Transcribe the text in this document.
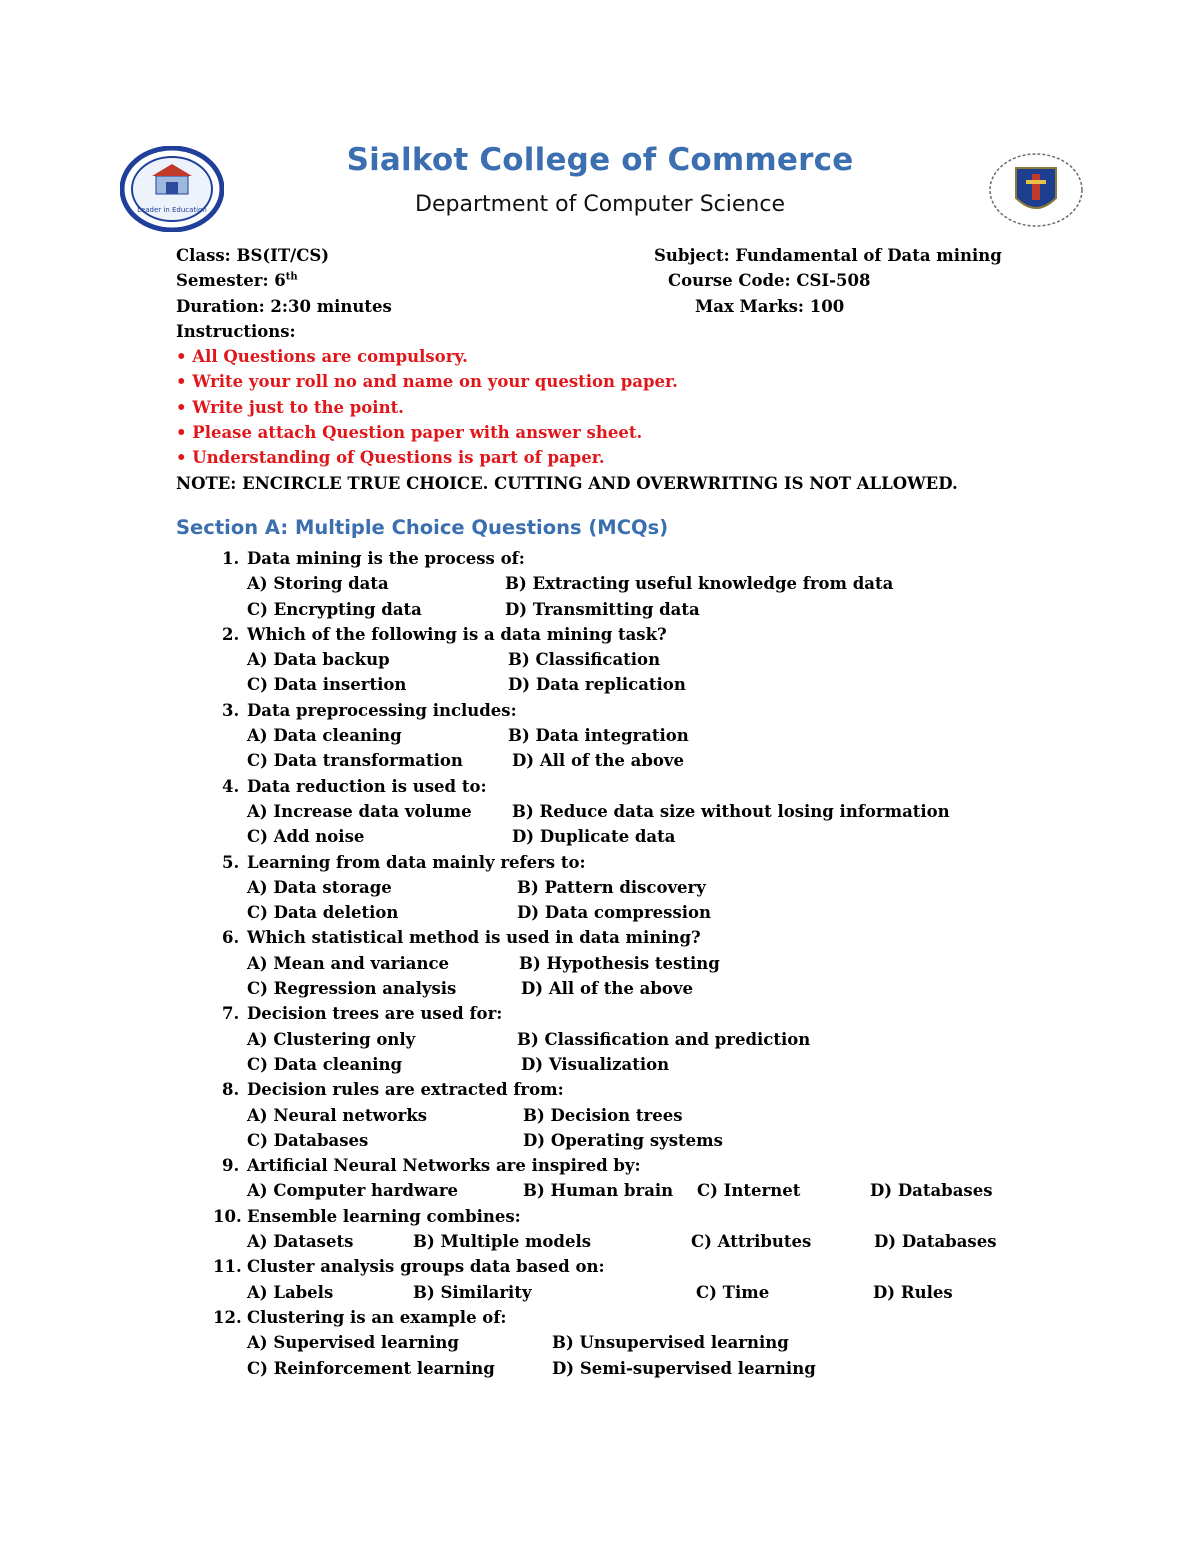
Leader in Education
Sialkot College of Commerce
Department of Computer Science
Class: BS(IT/CS)	Subject: Fundamental of Data mining
Semester: 6th	Course Code: CSI-508
Duration: 2:30 minutes	Max Marks: 100
Instructions:
• All Questions are compulsory.
• Write your roll no and name on your question paper.
• Write just to the point.
• Please attach Question paper with answer sheet.
• Understanding of Questions is part of paper.
NOTE: ENCIRCLE TRUE CHOICE. CUTTING AND OVERWRITING IS NOT ALLOWED.
Section A: Multiple Choice Questions (MCQs)
1. Data mining is the process of:
A) Storing data	B) Extracting useful knowledge from data
C) Encrypting data	D) Transmitting data
2. Which of the following is a data mining task?
A) Data backup	B) Classification
C) Data insertion	D) Data replication
3. Data preprocessing includes:
A) Data cleaning	B) Data integration
C) Data transformation	D) All of the above
4. Data reduction is used to:
A) Increase data volume B) Reduce data size without losing information
C) Add noise	D) Duplicate data
5. Learning from data mainly refers to:
A) Data storage	B) Pattern discovery
C) Data deletion	D) Data compression
6. Which statistical method is used in data mining?
A) Mean and variance	B) Hypothesis testing
C) Regression analysis	D) All of the above
7. Decision trees are used for:
A) Clustering only	B) Classification and prediction
C) Data cleaning	D) Visualization
8. Decision rules are extracted from:
A) Neural networks	B) Decision trees
C) Databases	D) Operating systems
9. Artificial Neural Networks are inspired by:
A) Computer hardware	B) Human brain C) Internet	D) Databases
10. Ensemble learning combines:
A) Datasets	B) Multiple models	C) Attributes	D) Databases
11. Cluster analysis groups data based on:
A) Labels	B) Similarity	C) Time	D) Rules
12. Clustering is an example of:
A) Supervised learning	B) Unsupervised learning
C) Reinforcement learning	D) Semi-supervised learning
